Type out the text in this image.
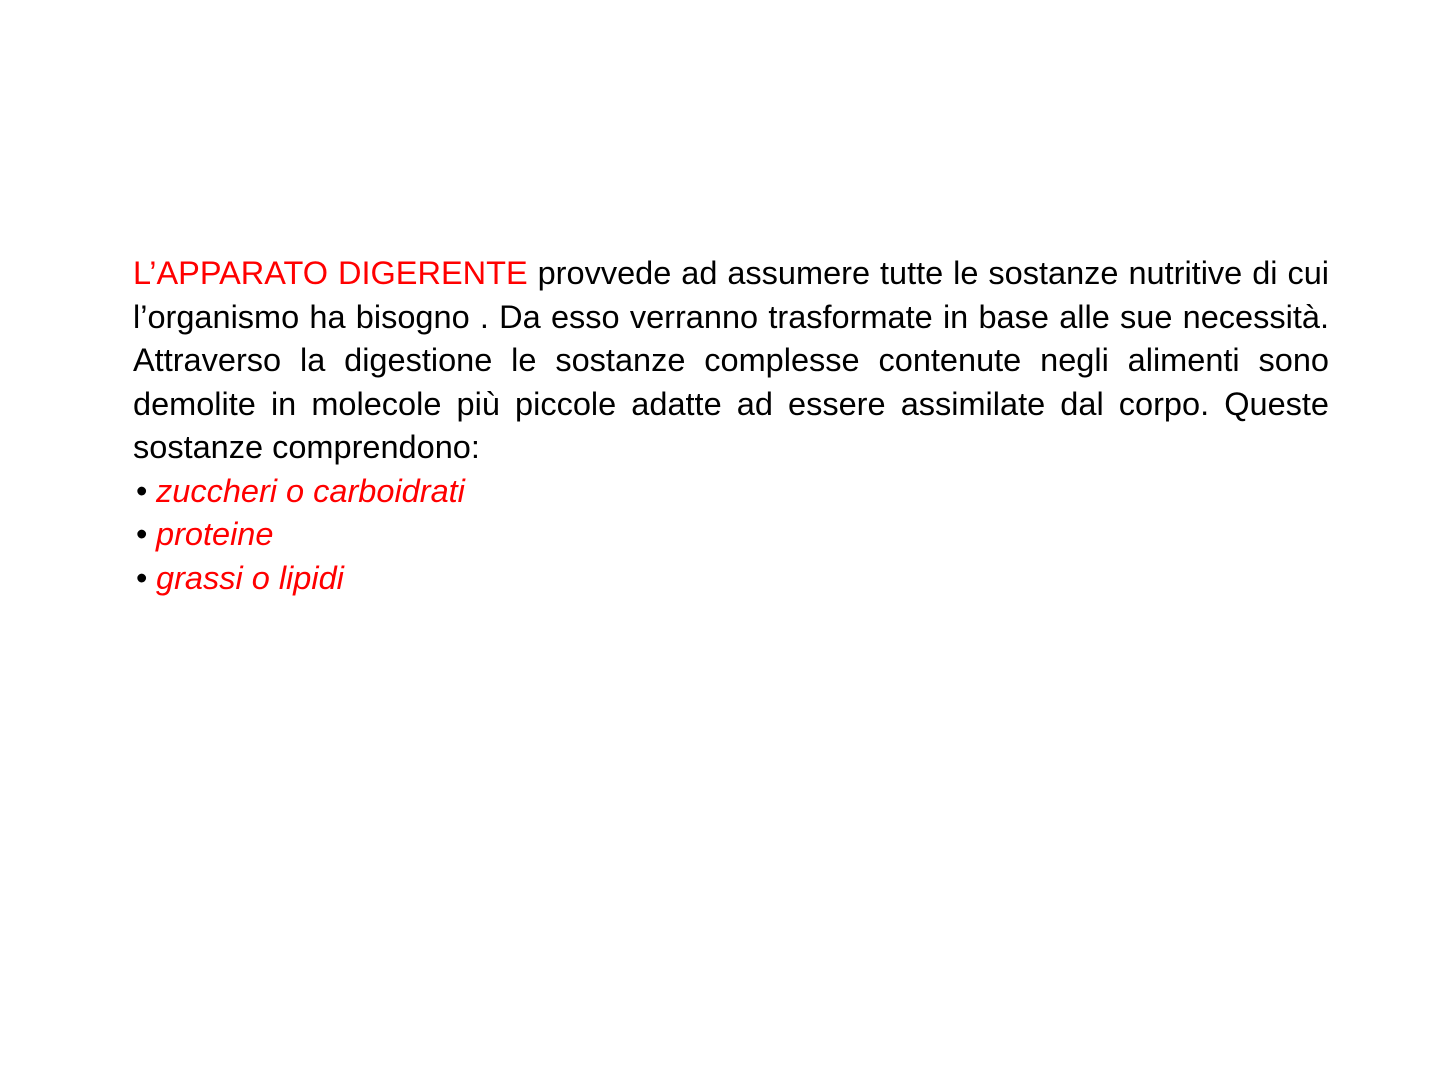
L’APPARATO DIGERENTE provvede ad assumere tutte le sostanze nutritive di cui l’organismo ha bisogno . Da esso verranno trasformate in base alle sue necessità. Attraverso la digestione le sostanze complesse contenute negli alimenti sono demolite in molecole più piccole adatte ad essere assimilate dal corpo. Queste sostanze comprendono:

• zuccheri o carboidrati
• proteine
• grassi o lipidi
